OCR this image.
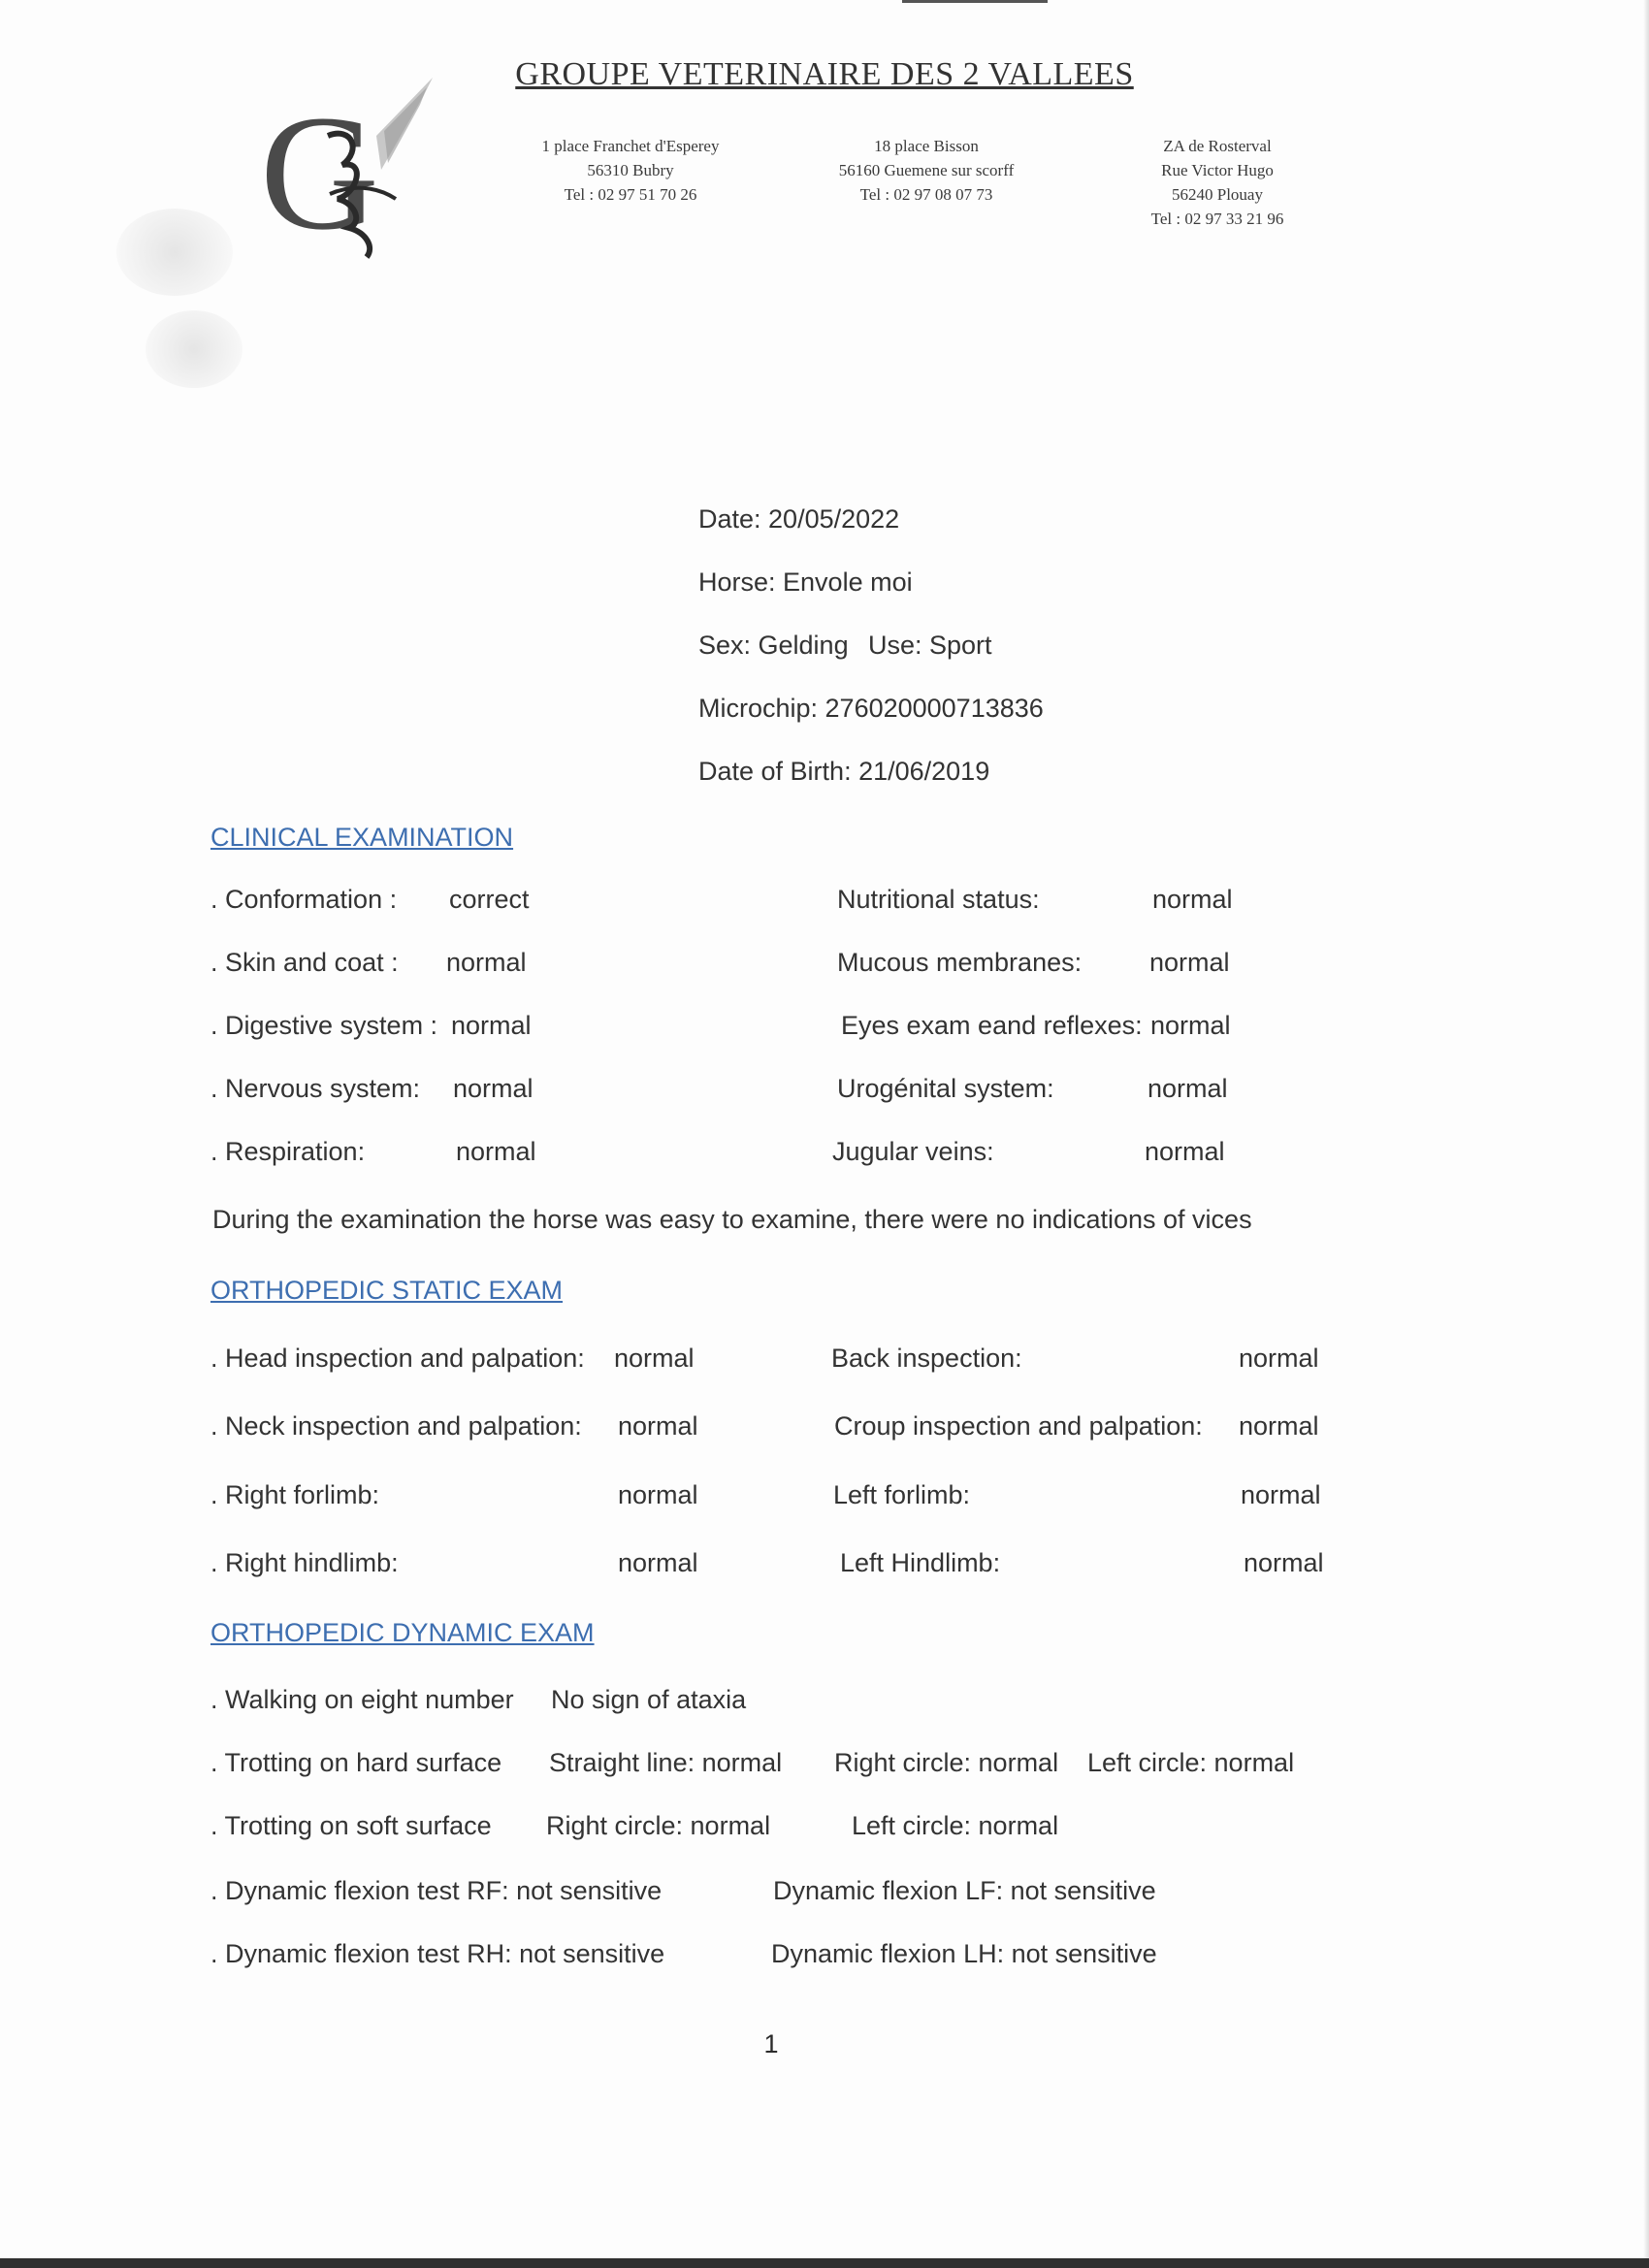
G
GROUPE VETERINAIRE DES 2 VALLEES
1 place Franchet d'Esperey
56310 Bubry
Tel : 02 97 51 70 26
18 place Bisson
56160 Guemene sur scorff
Tel : 02 97 08 07 73
ZA de Rosterval
Rue Victor Hugo
56240 Plouay
Tel : 02 97 33 21 96
Date: 20/05/2022
Horse: Envole moi
Sex: Gelding Use: Sport
Microchip: 276020000713836
Date of Birth: 21/06/2019
CLINICAL EXAMINATION
. Conformation : correct	Nutritional status:	normal
. Skin and coat : normal	Mucous membranes:	normal
. Digestive system : normal	Eyes exam eand reflexes: normal
. Nervous system: normal	Urogénital system:	normal
. Respiration:	normal	Jugular veins:	normal
During the examination the horse was easy to examine, there were no indications of vices
ORTHOPEDIC STATIC EXAM
. Head inspection and palpation: normal	Back inspection:	normal
. Neck inspection and palpation: normal	Croup inspection and palpation: normal
. Right forlimb:	normal	Left forlimb:	normal
. Right hindlimb:	normal	Left Hindlimb:	normal
ORTHOPEDIC DYNAMIC EXAM
. Walking on eight number No sign of ataxia
. Trotting on hard surface Straight line: normal Right circle: normal Left circle: normal
. Trotting on soft surface Right circle: normal	Left circle: normal
. Dynamic flexion test RF: not sensitive	Dynamic flexion LF: not sensitive
. Dynamic flexion test RH: not sensitive	Dynamic flexion LH: not sensitive
1
